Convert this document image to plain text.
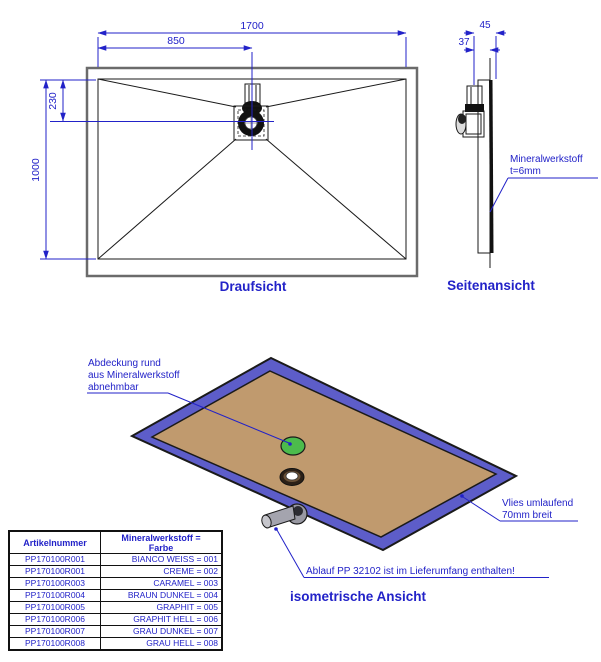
1700
850
230
1000
Draufsicht
45
37
Mineralwerkstoff
t=6mm
Seitenansicht
Abdeckung rund
aus Mineralwerkstoff
abnehmbar
Vlies umlaufend
70mm breit
Ablauf PP 32102 ist im Lieferumfang enthalten!
isometrische Ansicht
Artikelnummer	Mineralwerkstoff =
Farbe
PP170100R001	BIANCO WEISS = 001
PP170100R001	CREME = 002
PP170100R003	CARAMEL = 003
PP170100R004	BRAUN DUNKEL = 004
PP170100R005	GRAPHIT = 005
PP170100R006	GRAPHIT HELL = 006
PP170100R007	GRAU DUNKEL = 007
PP170100R008	GRAU HELL = 008
